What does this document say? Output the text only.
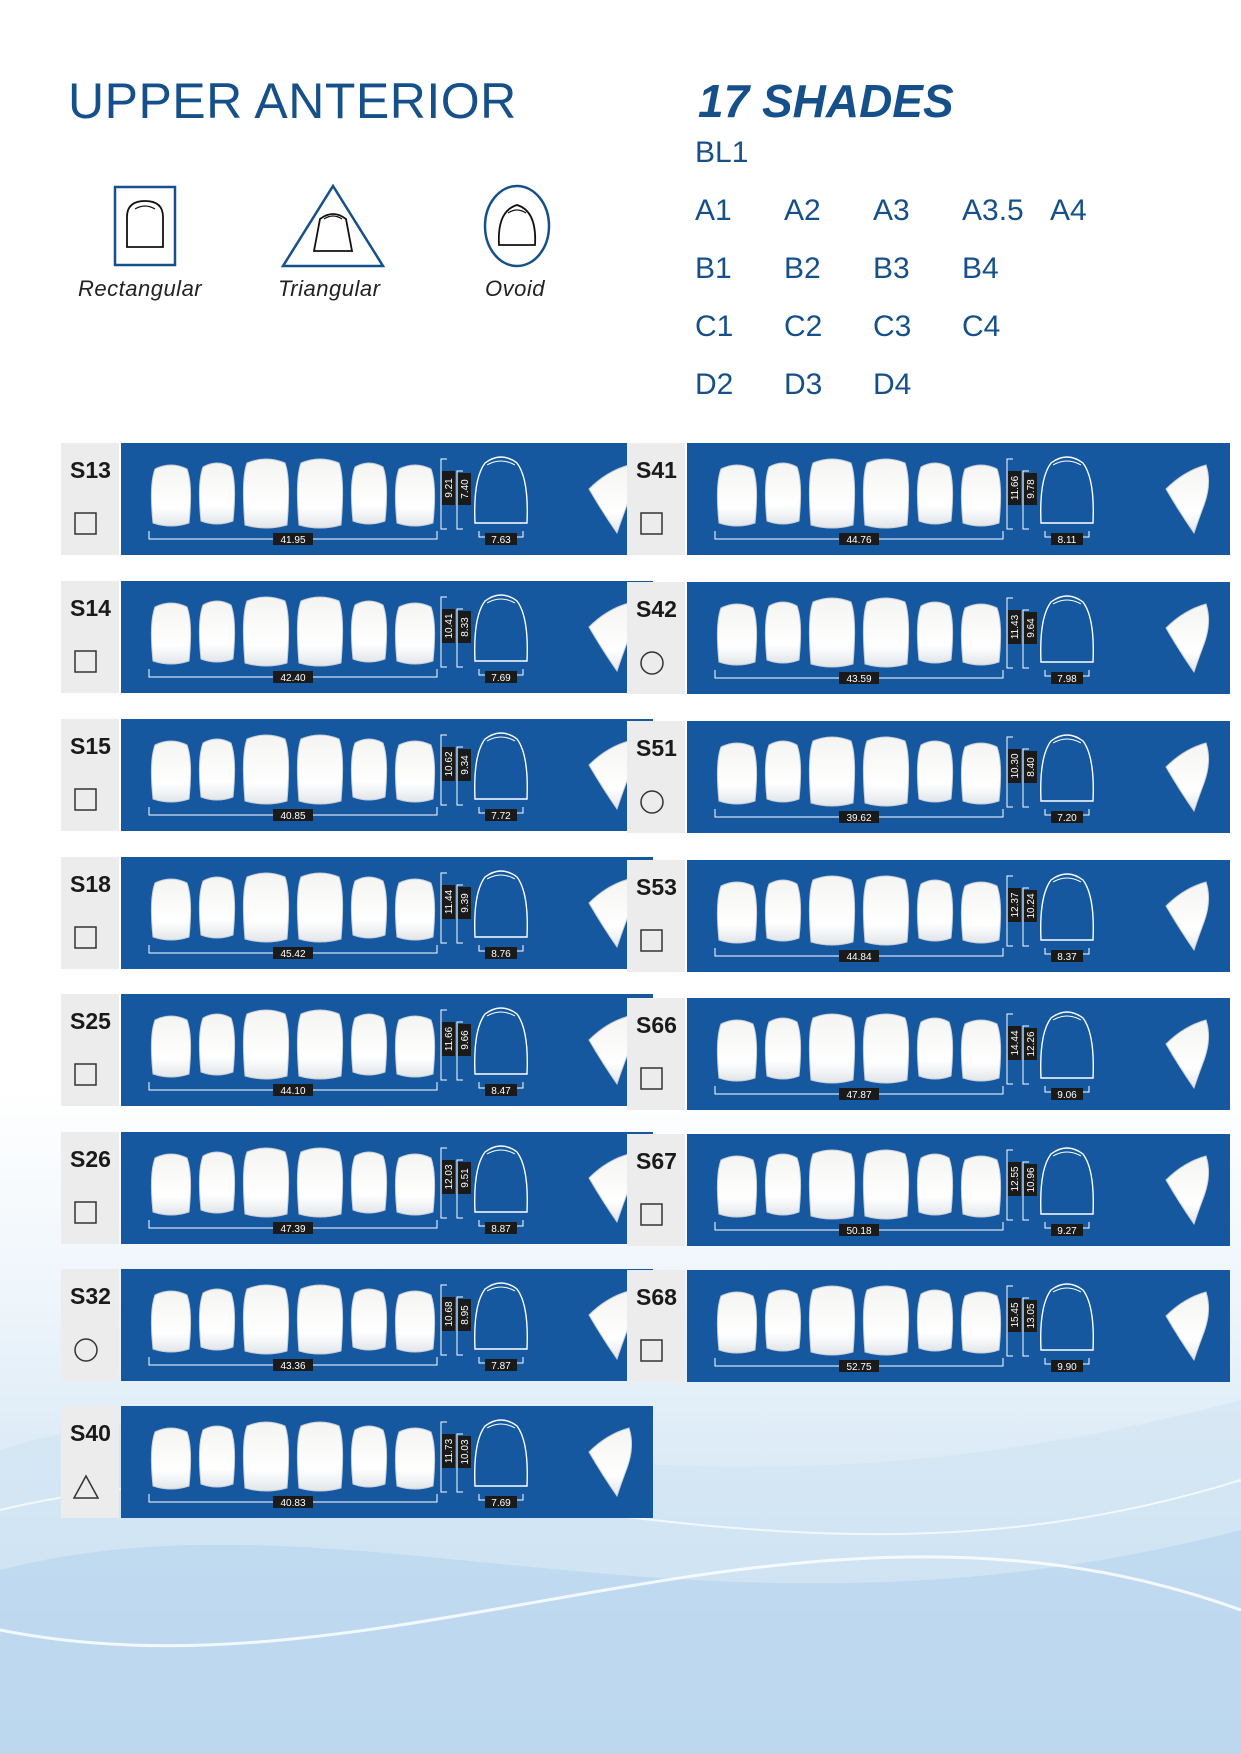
UPPER ANTERIOR	17 SHADES
BL1
A1 A2 A3 A3.5 A4
B1 B2 B3 B4
C1 C2 C3 C4
D2 D3 D4
Rectangular	Triangular	Ovoid
S13
41.95
9.21 7.40
7.63
S14
42.40
10.41 8.33
7.69
S15
40.85
10.62 9.34
7.72
S18
45.42
11.44 9.39
8.76
S25
44.10
11.66 9.66
8.47
S26
47.39
12.03 9.51
8.87
S32
43.36
10.68 8.95
7.87
S40
40.83
11.73 10.03
7.69
S41
44.76
11.66 9.78
8.11
S42
43.59
11.43 9.64
7.98
S51
39.62
10.30 8.40
7.20
S53
44.84
12.37 10.24
8.37
S66
47.87
14.44 12.26
9.06
S67
50.18
12.55 10.96
9.27
S68
52.75
15.45 13.05
9.90
